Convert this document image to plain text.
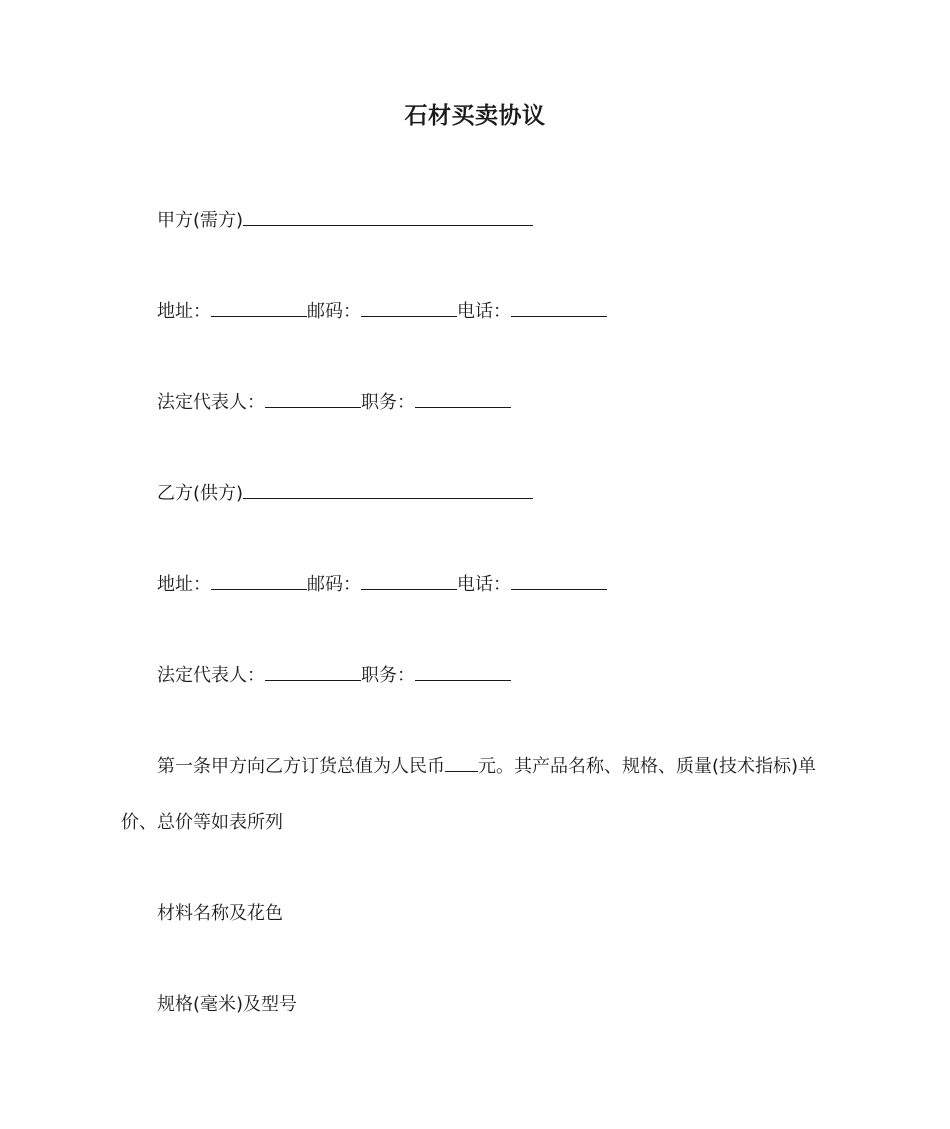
石材买卖协议
甲方(需方)
地址：	邮码：	电话：
法定代表人：	职务：
乙方(供方)
地址：	邮码：	电话：
法定代表人：	职务：
第一条甲方向乙方订货总值为人民币 元。其产品名称、规格、质量(技术指标)单
价、总价等如表所列
材料名称及花色
规格(毫米)及型号
